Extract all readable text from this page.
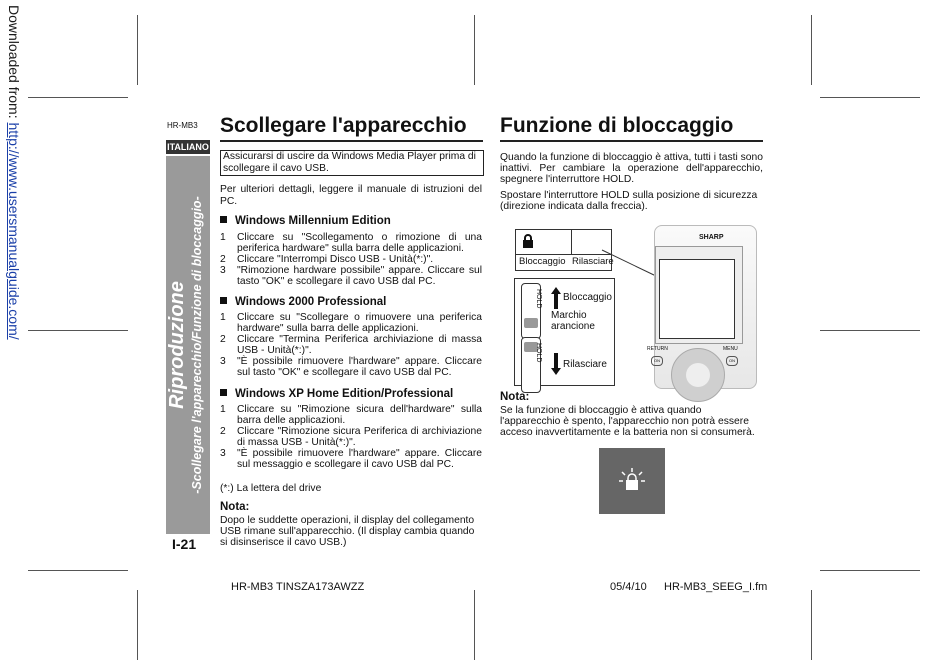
Downloaded from: http://www.usersmanualguide.com/	HR-MB3
ITALIANO
Riproduzione -Scollegare l'apparecchio/Funzione di bloccaggio-
I-21
Scollegare l'apparecchio
Assicurarsi di uscire da Windows Media Player prima di scollegare il cavo USB.

Per ulteriori dettagli, leggere il manuale di istruzioni del PC.

Windows Millennium Edition
1 Cliccare su "Scollegamento o rimozione di una periferica hardware" sulla barra delle applicazioni.
2 Cliccare "Interrompi Disco USB - Unità(*:)".
3 "Rimozione hardware possibile" appare. Cliccare sul tasto "OK" e scollegare il cavo USB dal PC.
Windows 2000 Professional
1 Cliccare su "Scollegare o rimuovere una periferica hardware" sulla barra delle applicazioni.
2 Cliccare "Termina Periferica archiviazione di massa USB - Unità(*:)".
3 "È possibile rimuovere l'hardware" appare. Cliccare sul tasto "OK" e scollegare il cavo USB dal PC.
Windows XP Home Edition/Professional
1 Cliccare su "Rimozione sicura dell'hardware" sulla barra delle applicazioni.
2 Cliccare "Rimozione sicura Periferica di archiviazione di massa USB - Unità(*:)".
3 "È possibile rimuovere l'hardware" appare. Cliccare sul messaggio e scollegare il cavo USB dal PC.

(*:) La lettera del drive

Nota:

Dopo le suddette operazioni, il display del collegamento USB rimane sull'apparecchio. (Il display cambia quando si disinserisce il cavo USB.)

Funzione di bloccaggio

Quando la funzione di bloccaggio è attiva, tutti i tasti sono inattivi. Per cambiare la operazione dell'apparecchio, spegnere l'interruttore HOLD.

Spostare l'interruttore HOLD sulla posizione di sicurezza (direzione indicata dalla freccia).

Bloccaggio Rilasciare
HOLD
HOLD
Bloccaggio
Marchio arancione
Rilasciare
SHARP
RETURN	MENU
ON	ON
Nota:

Se la funzione di bloccaggio è attiva quando l'apparecchio è spento, l'apparecchio non potrà essere acceso inavvertitamente e la batteria non si consumerà.

HR-MB3 TINSZA173AWZZ	05/4/10 HR-MB3_SEEG_I.fm
